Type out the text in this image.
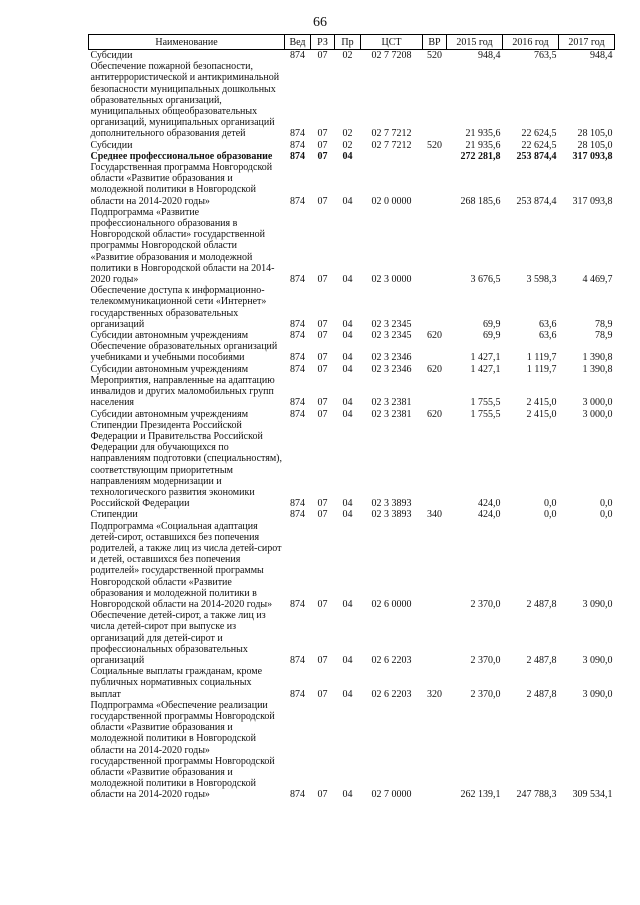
66
Наименование	Вед	РЗ	Пр	ЦСТ	ВР	2015 год	2016 год	2017 год
Субсидии	874	07	02	02 7 7208	520	948,4	763,5	948,4
Обеспечение пожарной безопасности, антитеррористической и антикриминальной безопасности муниципальных дошкольных образовательных организаций, муниципальных общеобразовательных организаций, муниципальных организаций дополнительного образования детей	874	07	02	02 7 7212		21 935,6	22 624,5	28 105,0
Субсидии	874	07	02	02 7 7212	520	21 935,6	22 624,5	28 105,0
Среднее профессиональное образование	874	07	04			272 281,8	253 874,4	317 093,8
Государственная программа Новгородской области «Развитие образования и молодежной политики в Новгородской области на 2014-2020 годы»	874	07	04	02 0 0000		268 185,6	253 874,4	317 093,8
Подпрограмма «Развитие профессионального образования в Новгородской области» государственной программы Новгородской области «Развитие образования и молодежной политики в Новгородской области на 2014-2020 годы»	874	07	04	02 3 0000		3 676,5	3 598,3	4 469,7
Обеспечение доступа к информационно-телекоммуникационной сети «Интернет» государственных образовательных организаций	874	07	04	02 3 2345		69,9	63,6	78,9
Субсидии автономным учреждениям	874	07	04	02 3 2345	620	69,9	63,6	78,9
Обеспечение образовательных организаций учебниками и учебными пособиями	874	07	04	02 3 2346		1 427,1	1 119,7	1 390,8
Субсидии автономным учреждениям	874	07	04	02 3 2346	620	1 427,1	1 119,7	1 390,8
Мероприятия, направленные на адаптацию инвалидов и других маломобильных групп населения	874	07	04	02 3 2381		1 755,5	2 415,0	3 000,0
Субсидии автономным учреждениям	874	07	04	02 3 2381	620	1 755,5	2 415,0	3 000,0
Стипендии Президента Российской Федерации и Правительства Российской Федерации для обучающихся по направлениям подготовки (специальностям), соответствующим приоритетным направлениям модернизации и технологического развития экономики Российской Федерации	874	07	04	02 3 3893		424,0	0,0	0,0
Стипендии	874	07	04	02 3 3893	340	424,0	0,0	0,0
Подпрограмма «Социальная адаптация детей-сирот, оставшихся без попечения родителей, а также лиц из числа детей-сирот и детей, оставшихся без попечения родителей» государственной программы Новгородской области «Развитие образования и молодежной политики в Новгородской области на 2014-2020 годы»	874	07	04	02 6 0000		2 370,0	2 487,8	3 090,0
Обеспечение детей-сирот, а также лиц из числа детей-сирот при выпуске из организаций для детей-сирот и профессиональных образовательных организаций	874	07	04	02 6 2203		2 370,0	2 487,8	3 090,0
Социальные выплаты гражданам, кроме публичных нормативных социальных выплат	874	07	04	02 6 2203	320	2 370,0	2 487,8	3 090,0
Подпрограмма «Обеспечение реализации государственной программы Новгородской области «Развитие образования и молодежной политики в Новгородской области на 2014-2020 годы» государственной программы Новгородской области «Развитие образования и молодежной политики в Новгородской области на 2014-2020 годы»	874	07	04	02 7 0000		262 139,1	247 788,3	309 534,1
